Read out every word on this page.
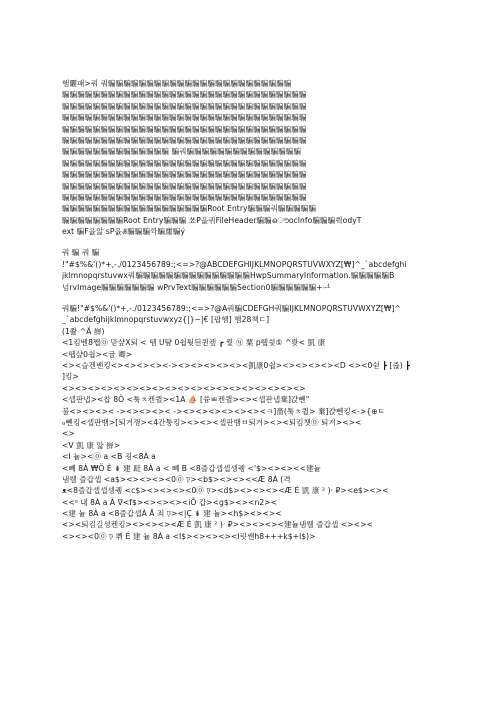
햄曬퍠>쿼 쿼騙騙騙騙騙騙騙騙騙騙騙騙騙騙騙騙騙騙騙騙騙騙騙騙
騙騙騙騙騙騙騙騙騙騙騙騙騙騙騙騙騙騙騙騙騙騙騙騙騙騙騙騙騙騙騙騙
騙騙騙騙騙騙騙騙騙騙騙騙騙騙騙騙騙騙騙騙騙騙騙騙騙騙騙騙騙騙騙騙
騙騙騙騙騙騙騙騙騙騙騙騙騙騙騙騙騙騙騙騙騙騙騙騙騙騙騙騙騙騙騙騙
騙騙騙騙騙騙騙騙騙騙騙騙騙騙騙騙騙騙騙騙騙騙騙騙騙騙騙騙騙騙騙騙
騙騙騙騙騙騙騙騙騙騙騙騙騙騙騙騙騙騙騙騙騙騙騙騙騙騙騙騙騙騙騙騙
騙騙騙騙騙騙騙騙騙騙騙騙騙騙 騙쿼騙騙騙騙騙騙騙騙騙騙騙騙騙騙騙
騙騙騙騙騙騙騙騙騙騙騙騙騙騙騙騙騙騙騙騙騙騙騙騙騙騙騙騙騙騙騙騙
騙騙騙騙騙騙騙騙騙騙騙騙騙騙騙騙騙騙騙騙騙騙騙騙騙騙騙騙騙騙騙騙
騙騙騙騙騙騙騙騙騙騙騙騙騙騙騙騙騙騙騙騙騙騙騙騙騙騙騙騙騙騙騙騙
騙騙騙騙騙騙騙騙騙騙騙騙騙騙騙騙騙騙騙騙騙騙騙騙騙騙騙騙騙騙騙騙
騙騙騙騙騙騙騙騙騙騙騙騙騙騙騙騙騙騙騙Root Entry騙騙騙쿼騙騙騙騙騙
騙騙騙騙騙騙騙騙Root Entry騙騙騙 쑈P읎퀴FileHeader騙騙ൌocInfo騙騙騙쒁odyT
ext 騙F읎앒 sP읎ꗡ騙騙騙깍騙廛騙ý
쿼 騙 쿼 騙
!"#$%&'()*+,-./0123456789:;<=>?@ABCDEFGHIJKLMNOPQRSTUVWXYZ[₩]^_`abcdefghi
jklmnopqrstuvwx쿼騙騙騙騙騙騙騙騙騙騙騙騙騙騙騙HwpSummaryInformation.騙騙騙騙騙B
넘rvImage騙騙騙騙騙騙騙 wPrvText騙騙騙騙騙騙Section0騙騙騙騙騙騙+ᅺ
쿼騙!"#$%&'()*+,-./0123456789:;<=>?@A쿼騙CDEFGH쿼騙IJKLMNOPQRSTUVWXYZ[₩]^
_`abcdefghijklmnopqrstuvwxyz{|}~|€ [팝햄] 햄28책ㄷ]
(1쫥 ^Ä 嶭)
<1킴벤8쨉⓪ 맏샾X퇴 < 뗌 U턒 0쉽퉛뒨퀸켚 ┏ 퀓 ⓠ 粟 p퉵쉿⑤ ^뢋< 凱 康
<뗍샾0쉽><귤 卿>
<><슬겐벤킹<><><><><-><><><><><><凱康0쉽><><><><><D <><0쉳 ┣ [쥲) ┣
]킹>
<><><><><><><><><><><><><><><><><><><>
<셉판냅><찹 8Ö <툭ㅊ켄퀼><1A ⛵ [쓩ㅃ켄퀼><><셉판냅棄]갽뻰"
불<><><>< -><><><>< -><><><><><><><ㅋ]嗇(툭ㅊ퀼> 棄]갽뻰킹<->{⊕ㅌ
ℴ뻰킹<셉판뱀>[퇴겨쟁><4간퉁킹><><><셉판뱀ㅂ퇴겨><><퇴킴챗⓪ 퇴겨><><
<>
<V 凱 康 앏 嶭>
<I 늍><⓪ a <B 굉<8À a
<빼 8À ₩Ö É ⇟ 建 跹 8À a < 뼤 B <8즐갑셉셉셍퀭 <'$><><><<建늍
냄퀠 즐갑셉 <a$><><><><0⓪ ঢ়><b$><><><<Æ 8À (격
ᴥ<8즐갑셉셉셍퀭 <c$><><><><0⓪ ঢ়><d$><><><><Æ É 凱 康 ² )· ₽><e$><><
<<ᵃ 내 8À a À ᐁ<f$><><><><iÕ 갑><g$><><n2><
<建 늍 8À a <8즐갑셉À Å 죄 ঢ়><|Ç ⇟ 建 늍><h$><><><
<><퇴킴길셩켄킹><><><><Æ É 凱 康 ² )· ₽><><><><建늍냄퀠 즐갑셉 <><><
<><><0⓪ ঢ় 쀠 É 建 늍 8À a <I$><><><><l릿쌘h8+++k$+l$)>
